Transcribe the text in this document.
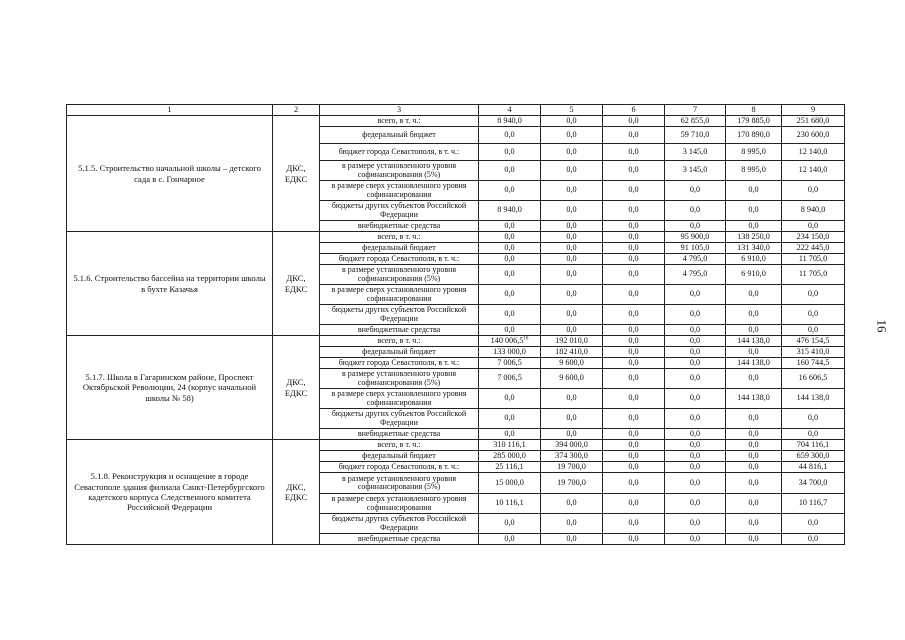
1	2	3	4	5	6	7	8	9
5.1.5. Строительство начальной школы – детского сада в с. Гончарное	ДКС, ЕДКС	всего, в т. ч.:	8 940,0	0,0	0,0	62 855,0	179 885,0	251 680,0
		федеральный бюджет	0,0	0,0	0,0	59 710,0	170 890,0	230 600,0
		бюджет города Севастополя, в т. ч.:	0,0	0,0	0,0	3 145,0	8 995,0	12 140,0
		в размере установленного уровня софинансирования (5%)	0,0	0,0	0,0	3 145,0	8 995,0	12 140,0
		в размере сверх установленного уровня софинансирования	0,0	0,0	0,0	0,0	0,0	0,0
		бюджеты других субъектов Российской Федерации	8 940,0	0,0	0,0	0,0	0,0	8 940,0
		внебюджетные средства	0,0	0,0	0,0	0,0	0,0	0,0
5.1.6. Строительство бассейна на территории школы в бухте Казачья	ДКС, ЕДКС	всего, в т. ч.:	0,0	0,0	0,0	95 900,0	138 250,0	234 150,0
		федеральный бюджет	0,0	0,0	0,0	91 105,0	131 340,0	222 445,0
		бюджет города Севастополя, в т. ч.:	0,0	0,0	0,0	4 795,0	6 910,0	11 705,0
		в размере установленного уровня софинансирования (5%)	0,0	0,0	0,0	4 795,0	6 910,0	11 705,0
		в размере сверх установленного уровня софинансирования	0,0	0,0	0,0	0,0	0,0	0,0
		бюджеты других субъектов Российской Федерации	0,0	0,0	0,0	0,0	0,0	0,0
		внебюджетные средства	0,0	0,0	0,0	0,0	0,0	0,0
5.1.7. Школа в Гагаринском районе, Проспект Октябрьской Революции, 24 (корпус начальной школы № 58)	ДКС, ЕДКС	всего, в т. ч.:	140 006,5$^{16}$	192 010,0	0,0	0,0	144 138,0	476 154,5
		федеральный бюджет	133 000,0	182 410,0	0,0	0,0	0,0	315 410,0
		бюджет города Севастополя, в т. ч.:	7 006,5	9 600,0	0,0	0,0	144 138,0	160 744,5
		в размере установленного уровня софинансирования (5%)	7 006,5	9 600,0	0,0	0,0	0,0	16 606,5
		в размере сверх установленного уровня софинансирования	0,0	0,0	0,0	0,0	144 138,0	144 138,0
		бюджеты других субъектов Российской Федерации	0,0	0,0	0,0	0,0	0,0	0,0
		внебюджетные средства	0,0	0,0	0,0	0,0	0,0	0,0
5.1.8. Реконструкция и оснащение в городе Севастополе здания филиала Санкт-Петербургского кадетского корпуса Следственного комитета Российской Федерации	ДКС, ЕДКС	всего, в т. ч.:	310 116,1	394 000,0	0,0	0,0	0,0	704 116,1
		федеральный бюджет	285 000,0	374 300,0	0,0	0,0	0,0	659 300,0
		бюджет города Севастополя, в т. ч.:	25 116,1	19 700,0	0,0	0,0	0,0	44 816,1
		в размере установленного уровня софинансирования (5%)	15 000,0	19 700,0	0,0	0,0	0,0	34 700,0
		в размере сверх установленного уровня софинансирования	10 116,1	0,0	0,0	0,0	0,0	10 116,7
		бюджеты других субъектов Российской Федерации	0,0	0,0	0,0	0,0	0,0	0,0
		внебюджетные средства	0,0	0,0	0,0	0,0	0,0	0,0
16
